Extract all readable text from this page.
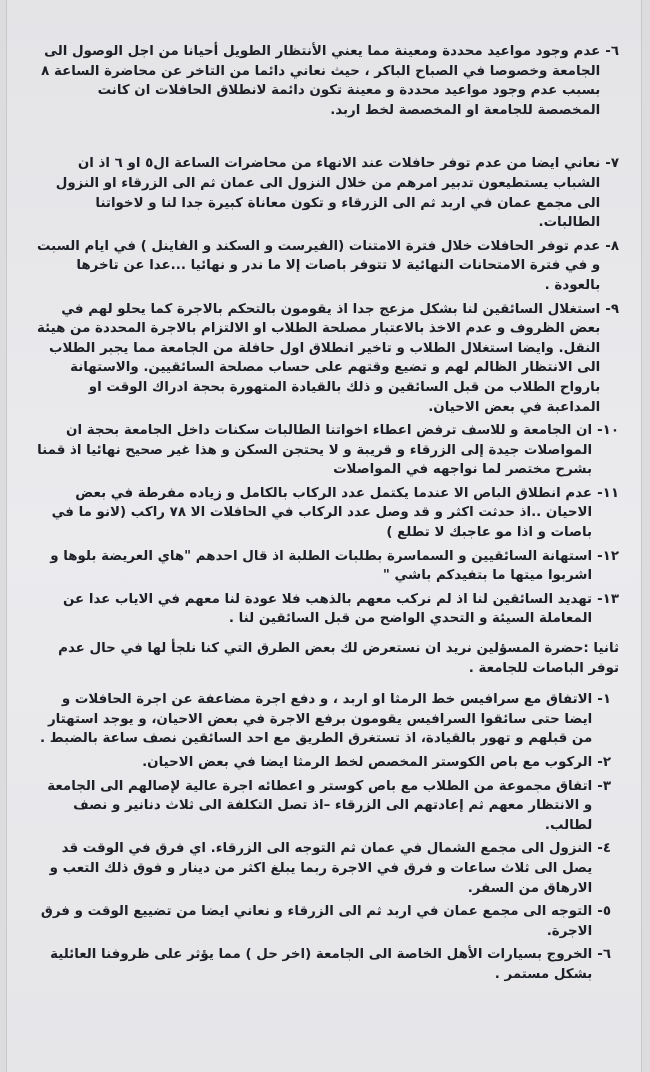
٦-
عدم وجود مواعيد محددة ومعينة مما يعني الأنتظار الطويل أحيانا من اجل الوصول الى الجامعة وخصوصا في الصباح الباكر ، حيث نعاني دائما من التاخر عن محاضرة الساعة ٨ بسبب عدم وجود مواعيد محددة و معينة تكون دائمة لانطلاق الحافلات ان كانت المخصصة للجامعة او المخصصة لخط اربد.
٧-
نعاني ايضا من عدم توفر حافلات عند الانهاء من محاضرات الساعة ال٥ او ٦ اذ ان الشباب يستطيعون تدبير امرهم من خلال النزول الى عمان ثم الى الزرقاء او النزول الى مجمع عمان في اربد ثم الى الزرقاء و تكون معاناة كبيرة جدا لنا و لاخواتنا الطالبات.
٨-
عدم توفر الحافلات خلال فترة الامتنات (الفيرست و السكند و الفاينل ) في ايام السبت و في فترة الامتحانات النهائية لا تتوفر باصات إلا ما ندر و نهائيا ...عدا عن تاخرها بالعودة .
٩-
استغلال السائقين لنا بشكل مزعج جدا اذ يقومون بالتحكم بالاجرة كما يحلو لهم في بعض الظروف و عدم الاخذ بالاعتبار مصلحة الطلاب او الالتزام بالاجرة المحددة من هيئة النقل. وايضا استغلال الطلاب و تاخير انطلاق اول حافلة من الجامعة مما يجبر الطلاب الى الانتظار الظالم لهم و تضيع وقتهم على حساب مصلحة السائقيين. والاستهانة بارواح الطلاب من قبل السائقين و ذلك بالقيادة المتهورة بحجة ادراك الوقت او المداعبة في بعض الاحيان.
١٠-
ان الجامعة و للاسف ترفض اعطاء اخواتنا الطالبات سكنات داخل الجامعة بحجة ان المواصلات جيدة إلى الزرقاء و قريبة و لا يحتجن السكن و هذا غير صحيح نهائيا اذ قمنا بشرح مختصر لما نواجهه في المواصلات
١١-
عدم انطلاق الباص الا عندما يكتمل عدد الركاب بالكامل و زياده مفرطة في بعض الاحيان ..اذ حدثت اكثر و قد وصل عدد الركاب في الحافلات الا ٧٨ راكب (لانو ما في باصات و اذا مو عاجبك لا تطلع )
١٢-
استهانة السائقيين و السماسرة بطلبات الطلبة اذ قال احدهم "هاي العريضة بلوها و اشربوا ميتها ما بتفيدكم باشي "
١٣-
تهديد السائقين لنا اذ لم نركب معهم بالذهب فلا عودة لنا معهم في الاياب عدا عن المعاملة السيئة و التحدي الواضح من قبل السائقين لنا .

ثانيا :حضرة المسؤلين نريد ان نستعرض لك بعض الطرق التي كنا نلجأ لها في حال عدم توفر الباصات للجامعة .

١-
الاتفاق مع سرافيس خط الرمثا او اربد ، و دفع اجرة مضاعفة عن اجرة الحافلات و ايضا حتى سائقوا السرافيس يقومون برفع الاجرة في بعض الاحيان، و يوجد استهتار من قبلهم و تهور بالقيادة، اذ تستغرق الطريق مع احد السائقين نصف ساعة بالضبط .
٢-
الركوب مع باص الكوستر المخصص لخط الرمثا ايضا في بعض الاحيان.
٣-
اتفاق مجموعة من الطلاب مع باص كوستر و اعطائه اجرة عالية لإصالهم الى الجامعة و الانتظار معهم ثم إعادتهم الى الزرقاء –اذ تصل التكلفة الى ثلاث دنانير و نصف لطالب.
٤-
النزول الى مجمع الشمال في عمان ثم التوجه الى الزرقاء. اي فرق في الوقت قد يصل الى ثلاث ساعات و فرق في الاجرة ربما يبلغ اكثر من دينار و فوق ذلك التعب و الارهاق من السفر.
٥-
التوجه الى مجمع عمان في اربد ثم الى الزرقاء و نعاني ايضا من تضييع الوقت و فرق الاجرة.
٦-
الخروج بسيارات الأهل الخاصة الى الجامعة (اخر حل ) مما يؤثر على ظروفنا العائلية بشكل مستمر .
